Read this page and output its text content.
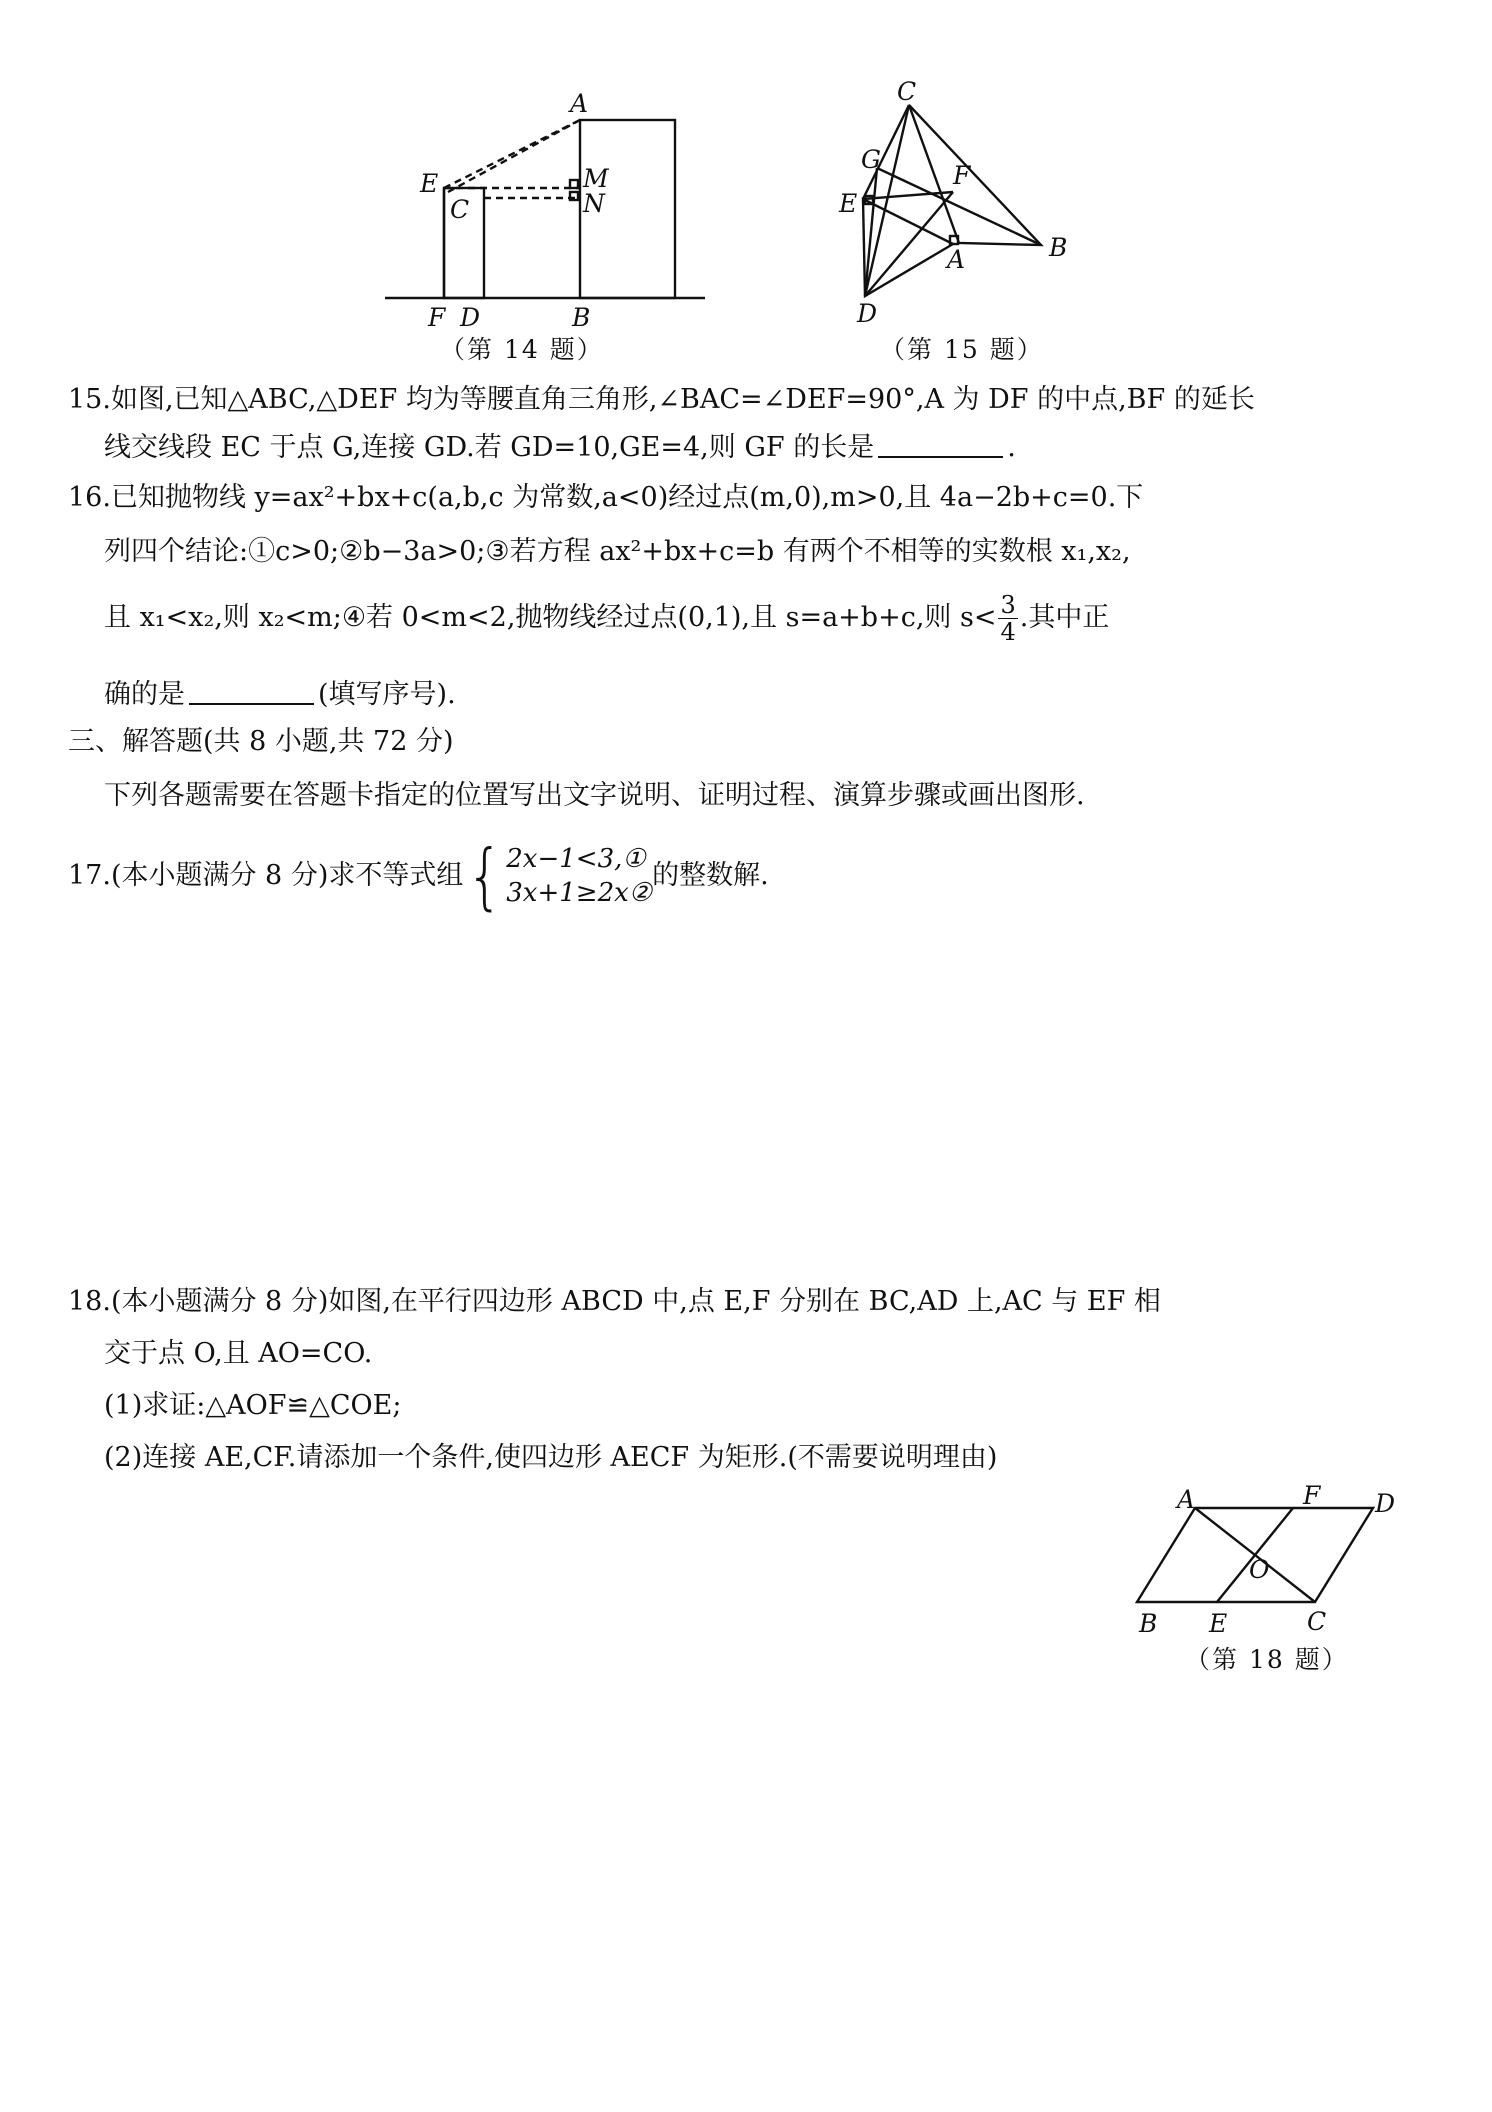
A
E
C
M
N
F D	B
（第 14 题）
C
G
F
E
A	B
D
（第 15 题）
15.如图,已知△ABC,△DEF 均为等腰直角三角形,∠BAC=∠DEF=90°,A 为 DF 的中点,BF 的延长
线交线段 EC 于点 G,连接 GD.若 GD=10,GE=4,则 GF 的长是	.
16.已知抛物线 y=ax²+bx+c(a,b,c 为常数,a<0)经过点(m,0),m>0,且 4a−2b+c=0.下
列四个结论:①c>0;②b−3a>0;③若方程 ax²+bx+c=b 有两个不相等的实数根 x₁,x₂,
且 x₁<x₂,则 x₂<m;④若 0<m<2,抛物线经过点(0,1),且 s=a+b+c,则 $s< \frac{3}{4}$ .其中正
确的是	(填写序号).
三、解答题(共 8 小题,共 72 分)
下列各题需要在答题卡指定的位置写出文字说明、证明过程、演算步骤或画出图形.
17.(本小题满分 8 分)求不等式组{ 2x−1<3,①
3x+1≥2x②
的整数解.
18.(本小题满分 8 分)如图,在平行四边形 ABCD 中,点 E,F 分别在 BC,AD 上,AC 与 EF 相
交于点 O,且 AO=CO.
(1)求证:△AOF≌△COE;
(2)连接 AE,CF.请添加一个条件,使四边形 AECF 为矩形.(不需要说明理由)
A	F D
O
B E	C
（第 18 题）
